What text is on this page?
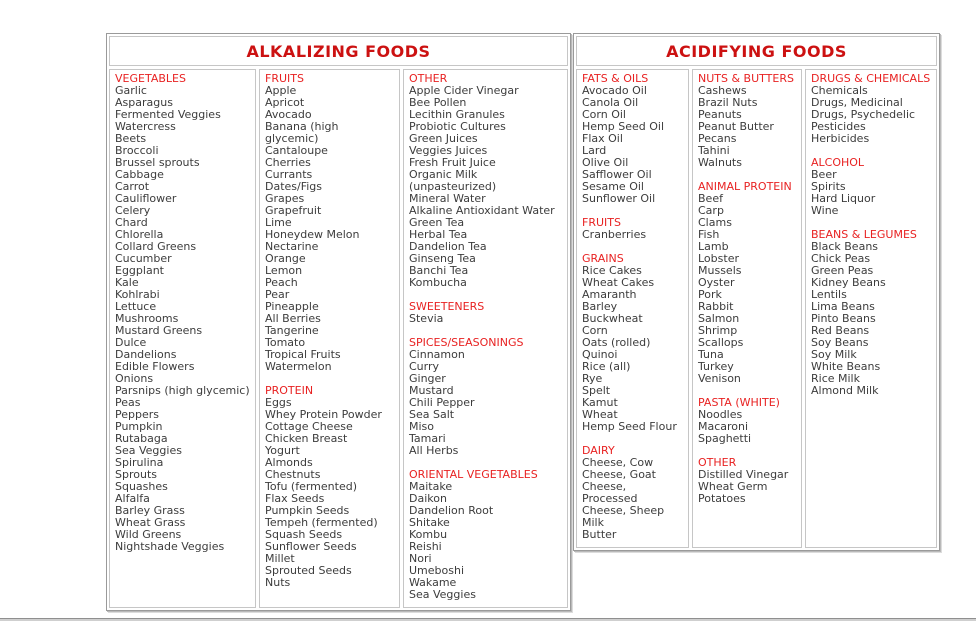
ALKALIZING FOODS
VEGETABLES
Garlic
Asparagus
Fermented Veggies
Watercress
Beets
Broccoli
Brussel sprouts
Cabbage
Carrot
Cauliflower
Celery
Chard
Chlorella
Collard Greens
Cucumber
Eggplant
Kale
Kohlrabi
Lettuce
Mushrooms
Mustard Greens
Dulce
Dandelions
Edible Flowers
Onions
Parsnips (high glycemic)
Peas
Peppers
Pumpkin
Rutabaga
Sea Veggies
Spirulina
Sprouts
Squashes
Alfalfa
Barley Grass
Wheat Grass
Wild Greens
Nightshade Veggies
FRUITS
Apple
Apricot
Avocado
Banana (high glycemic)
Cantaloupe
Cherries
Currants
Dates/Figs
Grapes
Grapefruit
Lime
Honeydew Melon
Nectarine
Orange
Lemon
Peach
Pear
Pineapple
All Berries
Tangerine
Tomato
Tropical Fruits
Watermelon
PROTEIN
Eggs
Whey Protein Powder
Cottage Cheese
Chicken Breast
Yogurt
Almonds
Chestnuts
Tofu (fermented)
Flax Seeds
Pumpkin Seeds
Tempeh (fermented)
Squash Seeds
Sunflower Seeds
Millet
Sprouted Seeds
Nuts
OTHER
Apple Cider Vinegar
Bee Pollen
Lecithin Granules
Probiotic Cultures
Green Juices
Veggies Juices
Fresh Fruit Juice
Organic Milk (unpasteurized)
Mineral Water
Alkaline Antioxidant Water
Green Tea
Herbal Tea
Dandelion Tea
Ginseng Tea
Banchi Tea
Kombucha
SWEETENERS
Stevia
SPICES/SEASONINGS
Cinnamon
Curry
Ginger
Mustard
Chili Pepper
Sea Salt
Miso
Tamari
All Herbs
ORIENTAL VEGETABLES
Maitake
Daikon
Dandelion Root
Shitake
Kombu
Reishi
Nori
Umeboshi
Wakame
Sea Veggies
ACIDIFYING FOODS
FATS & OILS
Avocado Oil
Canola Oil
Corn Oil
Hemp Seed Oil
Flax Oil
Lard
Olive Oil
Safflower Oil
Sesame Oil
Sunflower Oil
FRUITS
Cranberries
GRAINS
Rice Cakes
Wheat Cakes
Amaranth
Barley
Buckwheat
Corn
Oats (rolled)
Quinoi
Rice (all)
Rye
Spelt
Kamut
Wheat
Hemp Seed Flour
DAIRY
Cheese, Cow
Cheese, Goat
Cheese, Processed
Cheese, Sheep
Milk
Butter
NUTS & BUTTERS
Cashews
Brazil Nuts
Peanuts
Peanut Butter
Pecans
Tahini
Walnuts
ANIMAL PROTEIN
Beef
Carp
Clams
Fish
Lamb
Lobster
Mussels
Oyster
Pork
Rabbit
Salmon
Shrimp
Scallops
Tuna
Turkey
Venison
PASTA (WHITE)
Noodles
Macaroni
Spaghetti
OTHER
Distilled Vinegar
Wheat Germ
Potatoes
DRUGS & CHEMICALS
Chemicals
Drugs, Medicinal
Drugs, Psychedelic
Pesticides
Herbicides
ALCOHOL
Beer
Spirits
Hard Liquor
Wine
BEANS & LEGUMES
Black Beans
Chick Peas
Green Peas
Kidney Beans
Lentils
Lima Beans
Pinto Beans
Red Beans
Soy Beans
Soy Milk
White Beans
Rice Milk
Almond Milk
